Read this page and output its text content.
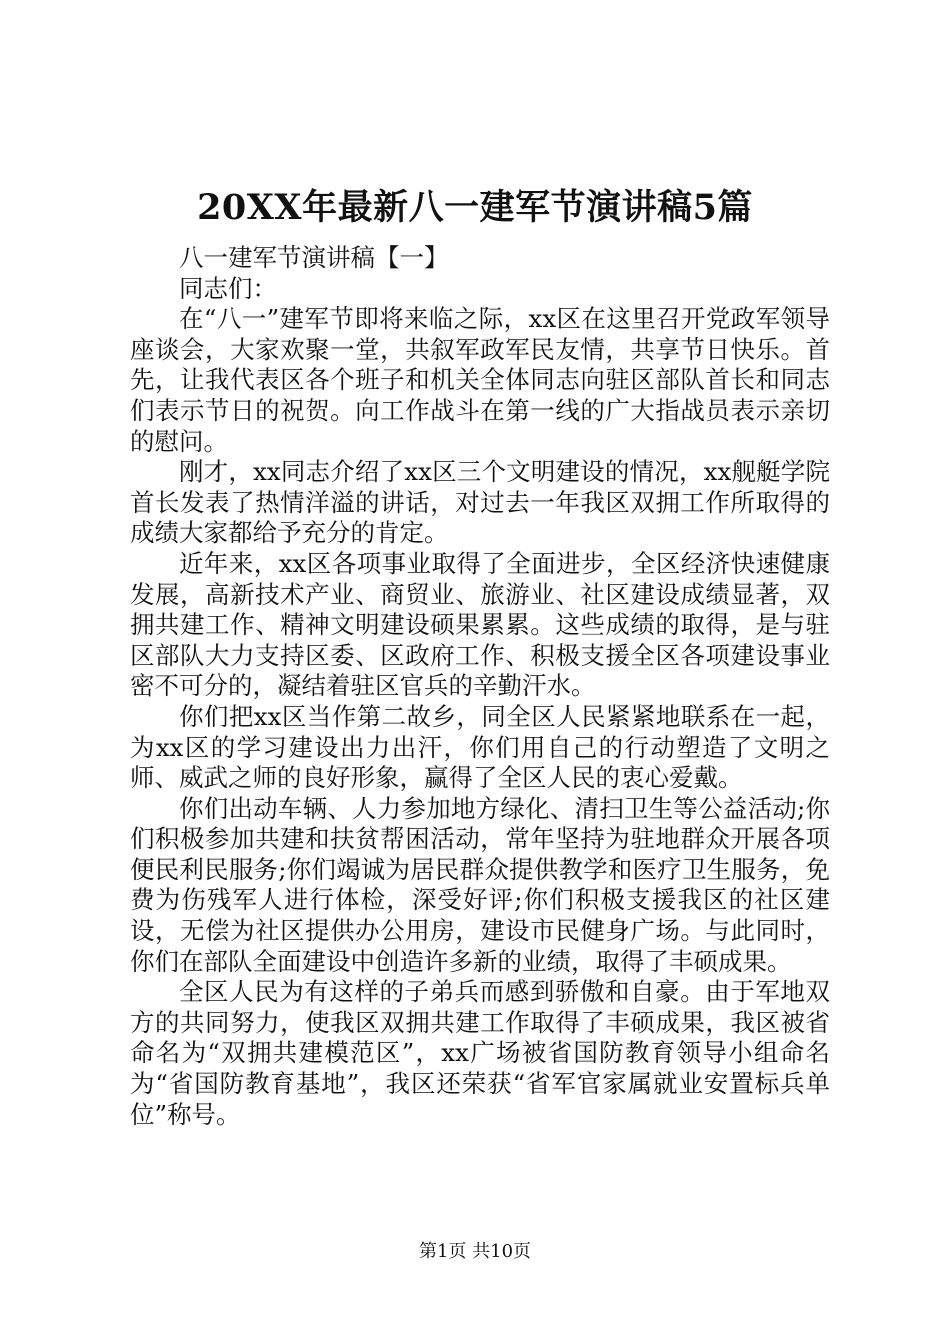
20XX年最新八一建军节演讲稿5篇

八一建军节演讲稿【一】

同志们：

在“八一”建军节即将来临之际，xx区在这里召开党政军领导座谈会，大家欢聚一堂，共叙军政军民友情，共享节日快乐。首先，让我代表区各个班子和机关全体同志向驻区部队首长和同志们表示节日的祝贺。向工作战斗在第一线的广大指战员表示亲切的慰问。

刚才，xx同志介绍了xx区三个文明建设的情况，xx舰艇学院首长发表了热情洋溢的讲话，对过去一年我区双拥工作所取得的成绩大家都给予充分的肯定。

近年来，xx区各项事业取得了全面进步，全区经济快速健康发展，高新技术产业、商贸业、旅游业、社区建设成绩显著，双拥共建工作、精神文明建设硕果累累。这些成绩的取得，是与驻区部队大力支持区委、区政府工作、积极支援全区各项建设事业密不可分的，凝结着驻区官兵的辛勤汗水。

你们把xx区当作第二故乡，同全区人民紧紧地联系在一起，为xx区的学习建设出力出汗，你们用自己的行动塑造了文明之师、威武之师的良好形象，赢得了全区人民的衷心爱戴。

你们出动车辆、人力参加地方绿化、清扫卫生等公益活动;你们积极参加共建和扶贫帮困活动，常年坚持为驻地群众开展各项便民利民服务;你们竭诚为居民群众提供教学和医疗卫生服务，免费为伤残军人进行体检，深受好评;你们积极支援我区的社区建设，无偿为社区提供办公用房，建设市民健身广场。与此同时，你们在部队全面建设中创造许多新的业绩，取得了丰硕成果。

全区人民为有这样的子弟兵而感到骄傲和自豪。由于军地双方的共同努力，使我区双拥共建工作取得了丰硕成果，我区被省命名为“双拥共建模范区”，xx广场被省国防教育领导小组命名为“省国防教育基地”，我区还荣获“省军官家属就业安置标兵单位”称号。

第1页 共10页
